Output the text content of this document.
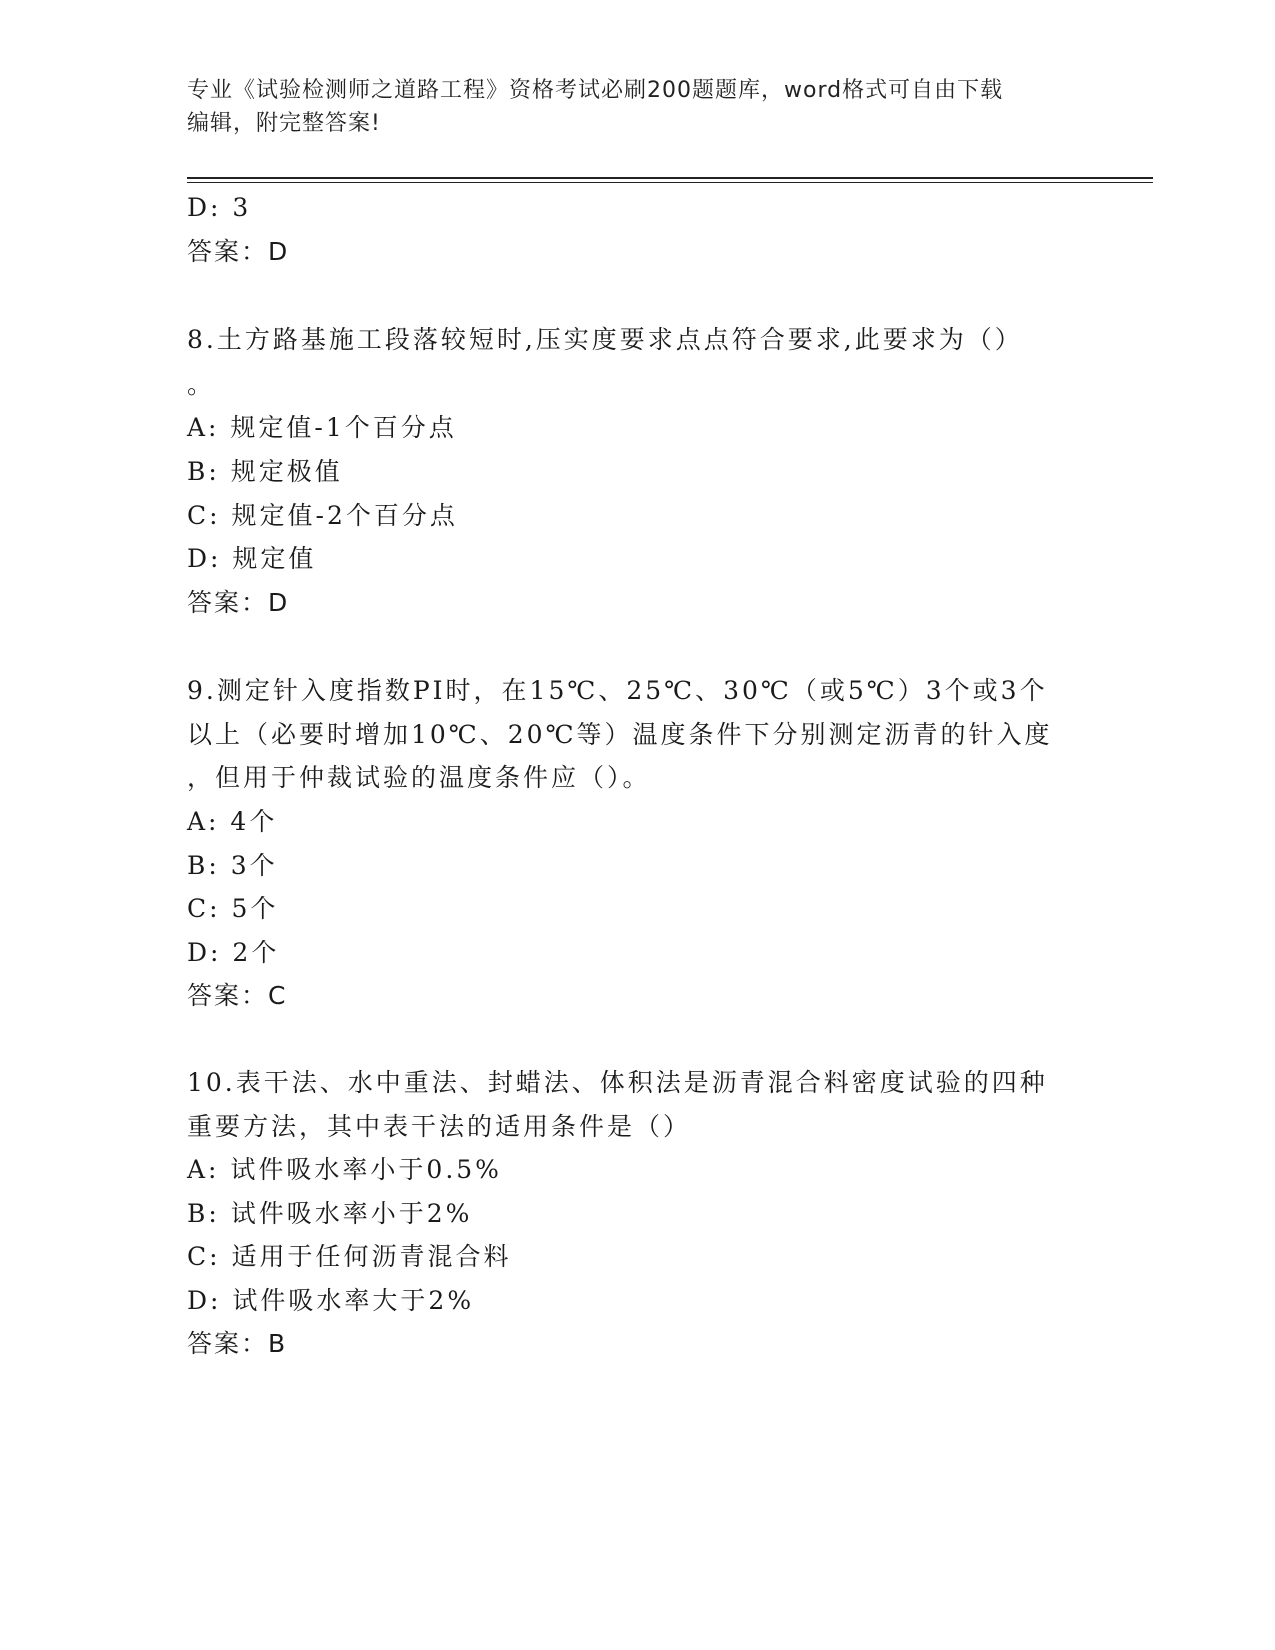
专业《试验检测师之道路工程》资格考试必刷200题题库，word格式可自由下载
编辑，附完整答案!
D: 3
答案：D
8.土方路基施工段落较短时,压实度要求点点符合要求,此要求为（）
。
A: 规定值-1个百分点
B: 规定极值
C: 规定值-2个百分点
D: 规定值
答案：D
9.测定针入度指数PI时，在15℃、25℃、30℃（或5℃）3个或3个
以上（必要时增加10℃、20℃等）温度条件下分别测定沥青的针入度
，但用于仲裁试验的温度条件应（）。
A: 4个
B: 3个
C: 5个
D: 2个
答案：C
10.表干法、水中重法、封蜡法、体积法是沥青混合料密度试验的四种
重要方法，其中表干法的适用条件是（）
A: 试件吸水率小于0.5%
B: 试件吸水率小于2%
C: 适用于任何沥青混合料
D: 试件吸水率大于2%
答案：B
